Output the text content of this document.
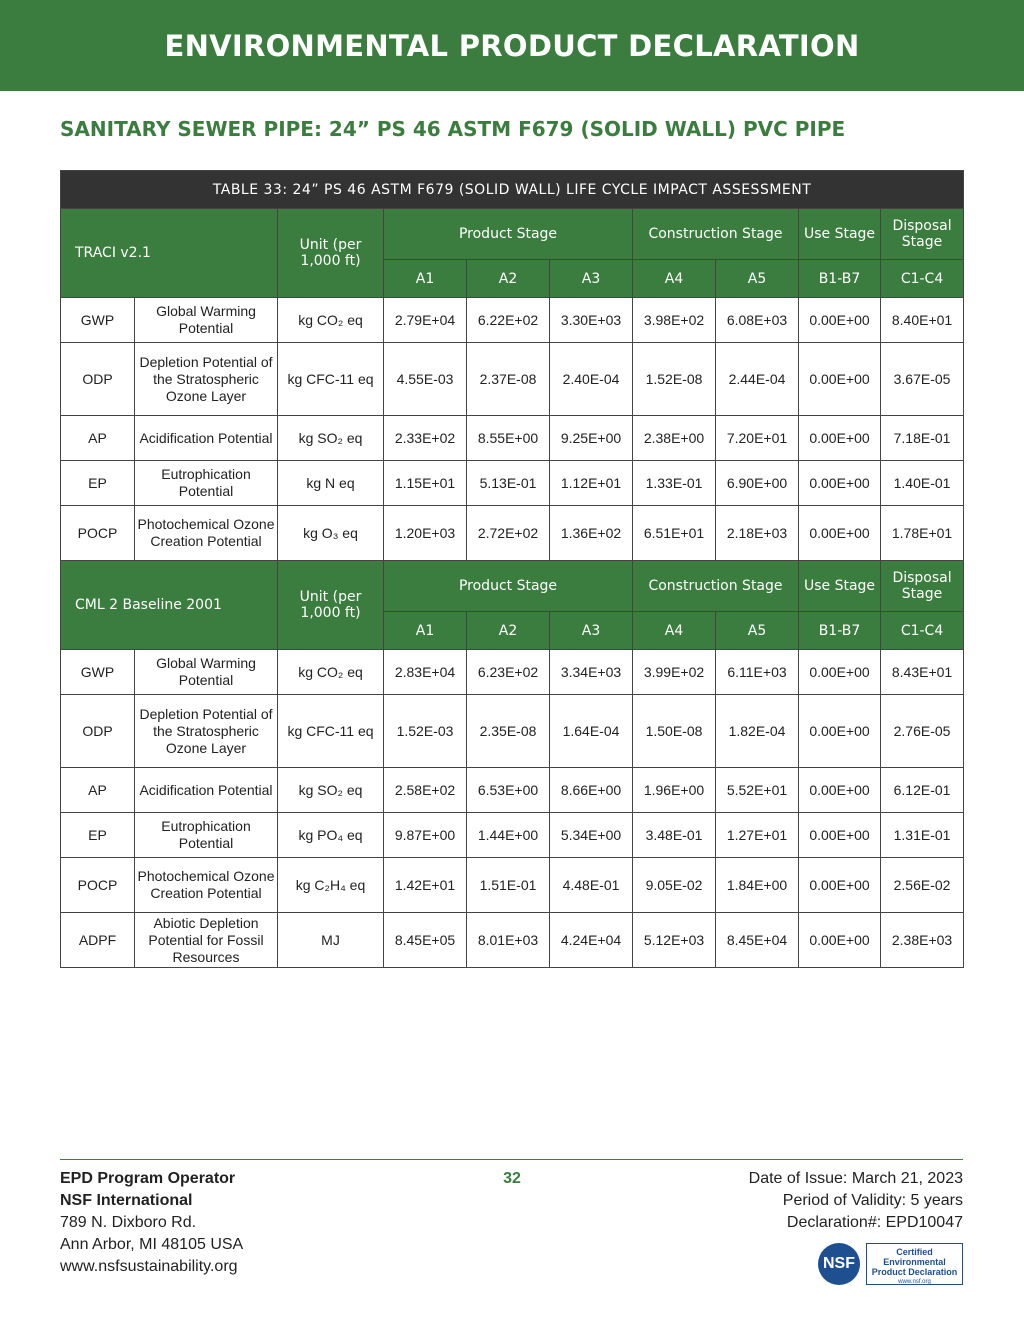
ENVIRONMENTAL PRODUCT DECLARATION
SANITARY SEWER PIPE: 24” PS 46 ASTM F679 (SOLID WALL) PVC PIPE
TABLE 33: 24” PS 46 ASTM F679 (SOLID WALL) LIFE CYCLE IMPACT ASSESSMENT									
TRACI v2.1		Unit (per 1,000 ft)	Product Stage			Construction Stage		Use Stage	Disposal Stage
			A1	A2	A3	A4	A5	B1-B7	C1-C4
GWP	Global Warming Potential	kg CO₂ eq	2.79E+04	6.22E+02	3.30E+03	3.98E+02	6.08E+03	0.00E+00	8.40E+01
ODP	Depletion Potential of the Stratospheric Ozone Layer	kg CFC-11 eq	4.55E-03	2.37E-08	2.40E-04	1.52E-08	2.44E-04	0.00E+00	3.67E-05
AP	Acidification Potential	kg SO₂ eq	2.33E+02	8.55E+00	9.25E+00	2.38E+00	7.20E+01	0.00E+00	7.18E-01
EP	Eutrophication Potential	kg N eq	1.15E+01	5.13E-01	1.12E+01	1.33E-01	6.90E+00	0.00E+00	1.40E-01
POCP	Photochemical Ozone Creation Potential	kg O₃ eq	1.20E+03	2.72E+02	1.36E+02	6.51E+01	2.18E+03	0.00E+00	1.78E+01
CML 2 Baseline 2001		Unit (per 1,000 ft)	Product Stage			Construction Stage		Use Stage	Disposal Stage
			A1	A2	A3	A4	A5	B1-B7	C1-C4
GWP	Global Warming Potential	kg CO₂ eq	2.83E+04	6.23E+02	3.34E+03	3.99E+02	6.11E+03	0.00E+00	8.43E+01
ODP	Depletion Potential of the Stratospheric Ozone Layer	kg CFC-11 eq	1.52E-03	2.35E-08	1.64E-04	1.50E-08	1.82E-04	0.00E+00	2.76E-05
AP	Acidification Potential	kg SO₂ eq	2.58E+02	6.53E+00	8.66E+00	1.96E+00	5.52E+01	0.00E+00	6.12E-01
EP	Eutrophication Potential	kg PO₄ eq	9.87E+00	1.44E+00	5.34E+00	3.48E-01	1.27E+01	0.00E+00	1.31E-01
POCP	Photochemical Ozone Creation Potential	kg C₂H₄ eq	1.42E+01	1.51E-01	4.48E-01	9.05E-02	1.84E+00	0.00E+00	2.56E-02
ADPF	Abiotic Depletion Potential for Fossil Resources	MJ	8.45E+05	8.01E+03	4.24E+04	5.12E+03	8.45E+04	0.00E+00	2.38E+03
EPD Program Operator
NSF International
789 N. Dixboro Rd.
Ann Arbor, MI 48105 USA
www.nsfsustainability.org
32	Date of Issue: March 21, 2023
Period of Validity: 5 years
Declaration#: EPD10047
NSF
Certified
Environmental
Product Declaration
www.nsf.org
